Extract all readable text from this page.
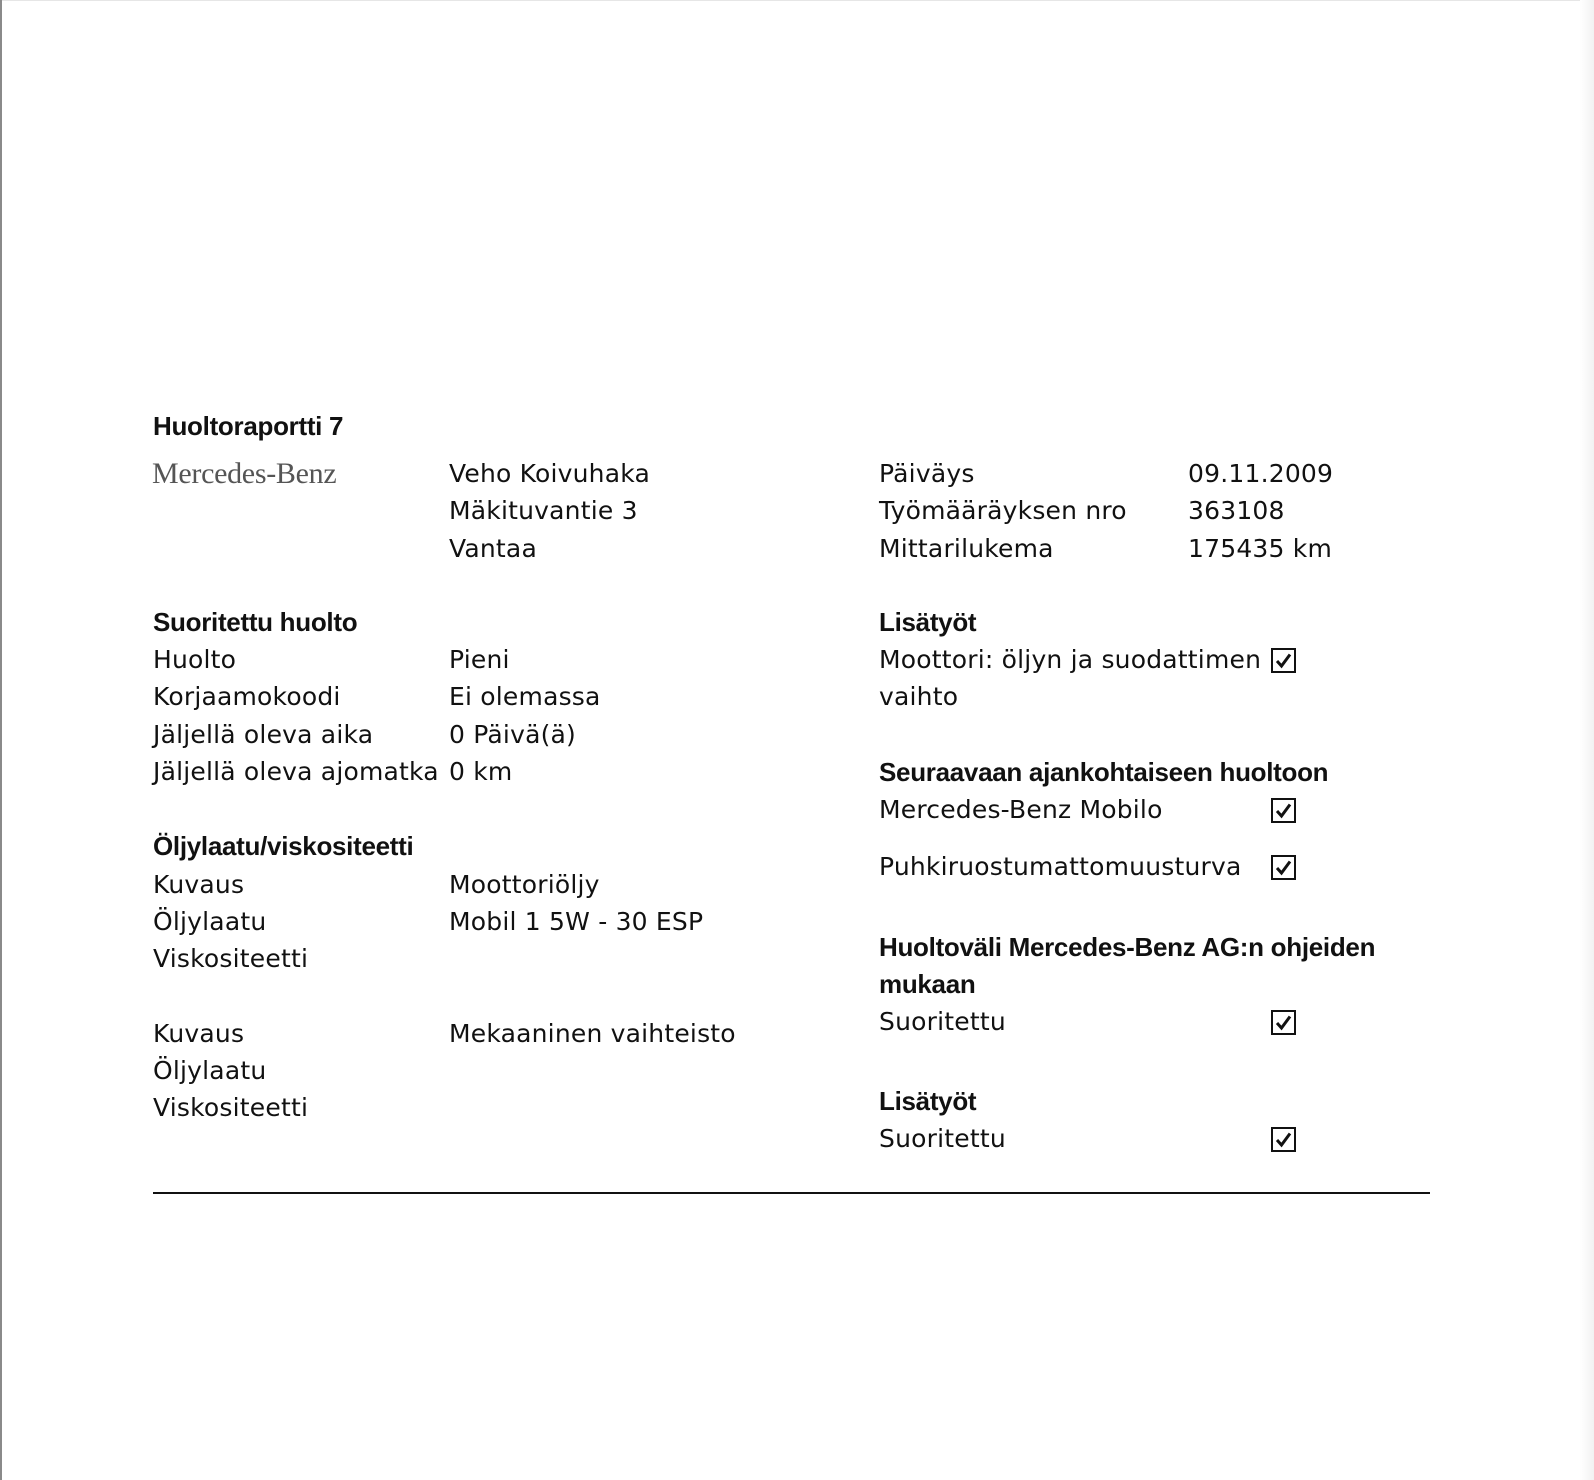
Huoltoraportti 7
Mercedes-Benz	Veho Koivuhaka
Mäkituvantie 3
Vantaa
Päiväys	09.11.2009
Työmääräyksen nro 363108
Mittarilukema	175435 km
Suoritettu huolto
Huolto	Pieni
Korjaamokoodi	Ei olemassa
Jäljellä oleva aika	0 Päivä(ä)
Jäljellä oleva ajomatka 0 km
Öljylaatu/viskositeetti
Kuvaus	Moottoriöljy
Öljylaatu	Mobil 1 5W - 30 ESP
Viskositeetti
Kuvaus	Mekaaninen vaihteisto
Öljylaatu
Viskositeetti
Lisätyöt
Moottori: öljyn ja suodattimen
vaihto
Seuraavaan ajankohtaiseen huoltoon
Mercedes-Benz Mobilo
Puhkiruostumattomuusturva
Huoltoväli Mercedes-Benz AG:n ohjeiden
mukaan
Suoritettu
Lisätyöt
Suoritettu
